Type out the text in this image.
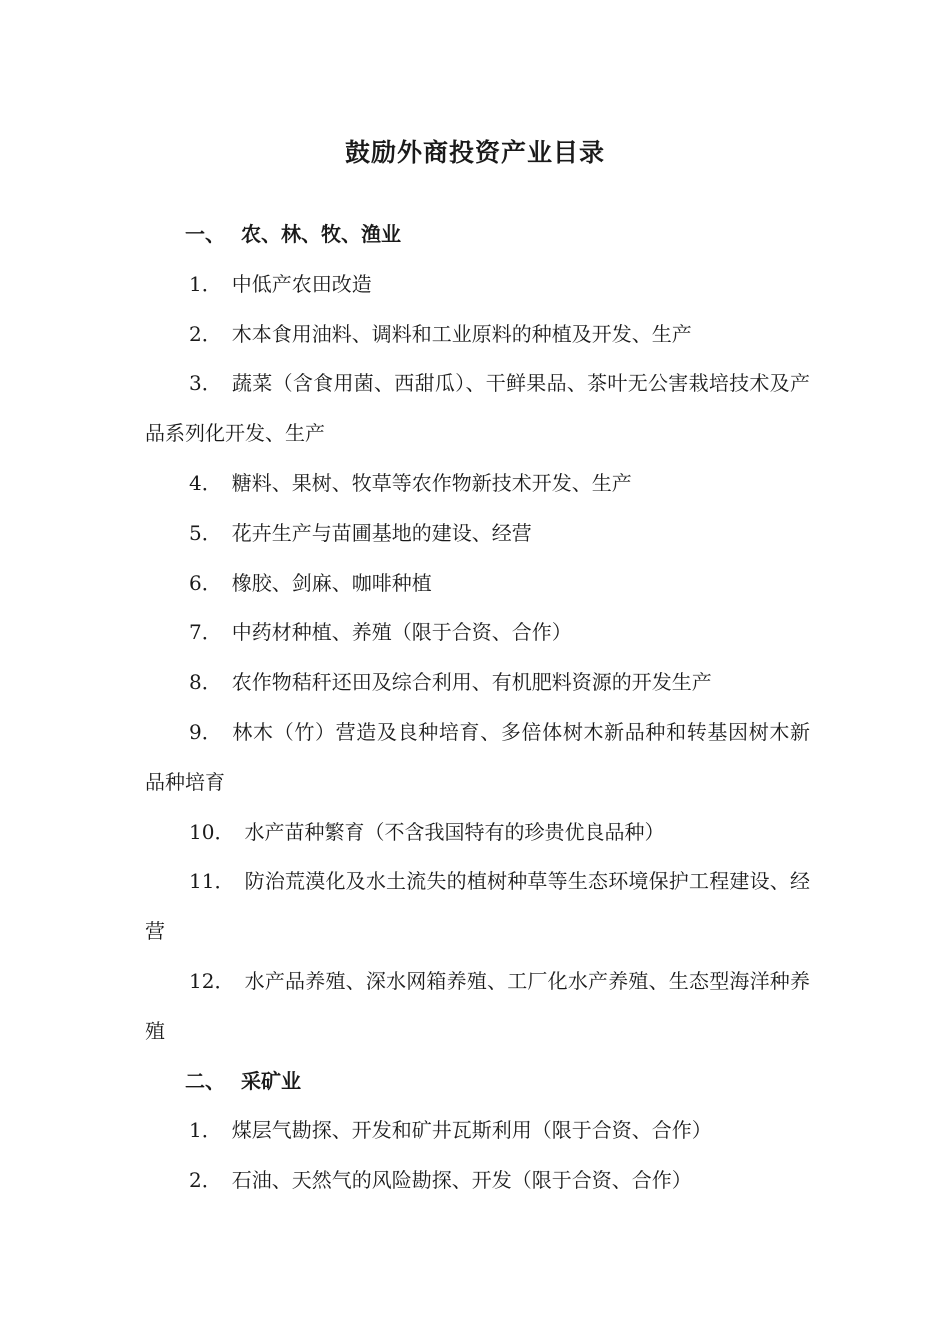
鼓励外商投资产业目录

一、 农、林、牧、渔业

1． 中低产农田改造

2． 木本食用油料、调料和工业原料的种植及开发、生产

3． 蔬菜（含食用菌、西甜瓜）、干鲜果品、茶叶无公害栽培技术及产品系列化开发、生产

4． 糖料、果树、牧草等农作物新技术开发、生产

5． 花卉生产与苗圃基地的建设、经营

6． 橡胶、剑麻、咖啡种植

7． 中药材种植、养殖（限于合资、合作）

8． 农作物秸秆还田及综合利用、有机肥料资源的开发生产

9． 林木（竹）营造及良种培育、多倍体树木新品种和转基因树木新品种培育

10． 水产苗种繁育（不含我国特有的珍贵优良品种）

11． 防治荒漠化及水土流失的植树种草等生态环境保护工程建设、经营

12． 水产品养殖、深水网箱养殖、工厂化水产养殖、生态型海洋种养殖

二、 采矿业

1． 煤层气勘探、开发和矿井瓦斯利用（限于合资、合作）

2． 石油、天然气的风险勘探、开发（限于合资、合作）
